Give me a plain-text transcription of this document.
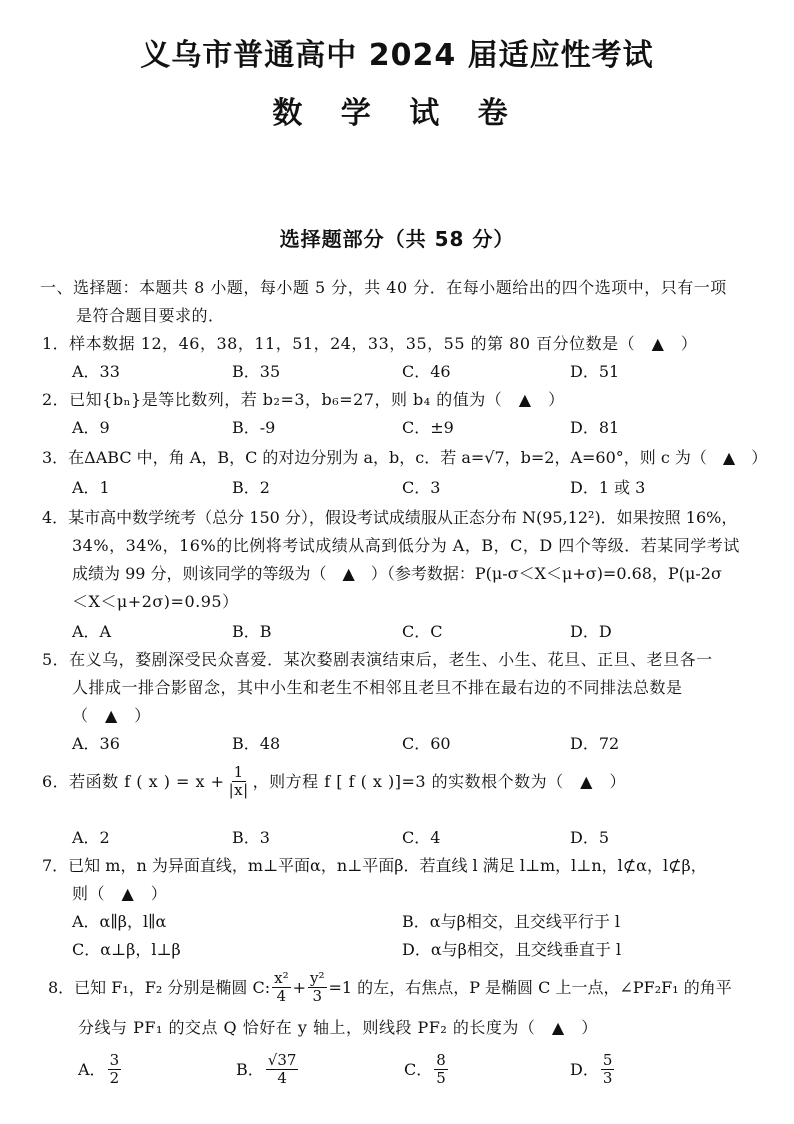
义乌市普通高中 2024 届适应性考试
数 学 试 卷
选择题部分（共 58 分）
一、选择题：本题共 8 小题，每小题 5 分，共 40 分．在每小题给出的四个选项中，只有一项
是符合题目要求的．
1．样本数据 12，46，38，11，51，24，33，35，55 的第 80 百分位数是（　▲　）
A．33	B．35	C．46	D．51
2．已知{bₙ}是等比数列，若 b₂=3，b₆=27，则 b₄ 的值为（　▲　）
A．9	B．-9	C．±9	D．81
3．在ΔABC 中，角 A，B，C 的对边分别为 a，b，c．若 a=√7，b=2，A=60°，则 c 为（　▲　）
A．1	B．2	C．3	D．1 或 3
4．某市高中数学统考（总分 150 分），假设考试成绩服从正态分布 N(95,12²)．如果按照 16%，
34%，34%，16%的比例将考试成绩从高到低分为 A，B，C，D 四个等级．若某同学考试
成绩为 99 分，则该同学的等级为（　▲　）（参考数据：P(μ-σ＜X＜μ+σ)=0.68，P(μ-2σ
＜X＜μ+2σ)=0.95）
A．A	B．B	C．C	D．D
5．在义乌，婺剧深受民众喜爱．某次婺剧表演结束后，老生、小生、花旦、正旦、老旦各一
人排成一排合影留念，其中小生和老生不相邻且老旦不排在最右边的不同排法总数是
（　▲　）
A．36	B．48	C．60	D．72
6．若函数 f ( x ) = $x + \frac{1}{|x|}$ ，则方程 f [ f ( x )]=3 的实数根个数为（　▲　）
A．2	B．3	C．4	D．5
7．已知 m，n 为异面直线，m⊥平面α，n⊥平面β．若直线 l 满足 l⊥m，l⊥n，l⊄α，l⊄β，
则（　▲　）
A．α∥β，l∥α	B．α与β相交，且交线平行于 l
C．α⊥β，l⊥β	D．α与β相交，且交线垂直于 l
8．已知 F₁，F₂ 分别是椭圆 C: $\frac{\text{x²}}{4} + \frac{\text{y²}}{3} =1$ 的左 ，右焦点，P 是椭圆 C 上一点，∠PF₂F₁ 的角平
分线与 PF₁ 的交点 Q 恰好在 y 轴上，则线段 PF₂ 的长度为（　▲　）
A． $\frac{3}{2}$	B． $\frac{√37}{4}$	C． $\frac{8}{5}$	D． $\frac{5}{3}$
